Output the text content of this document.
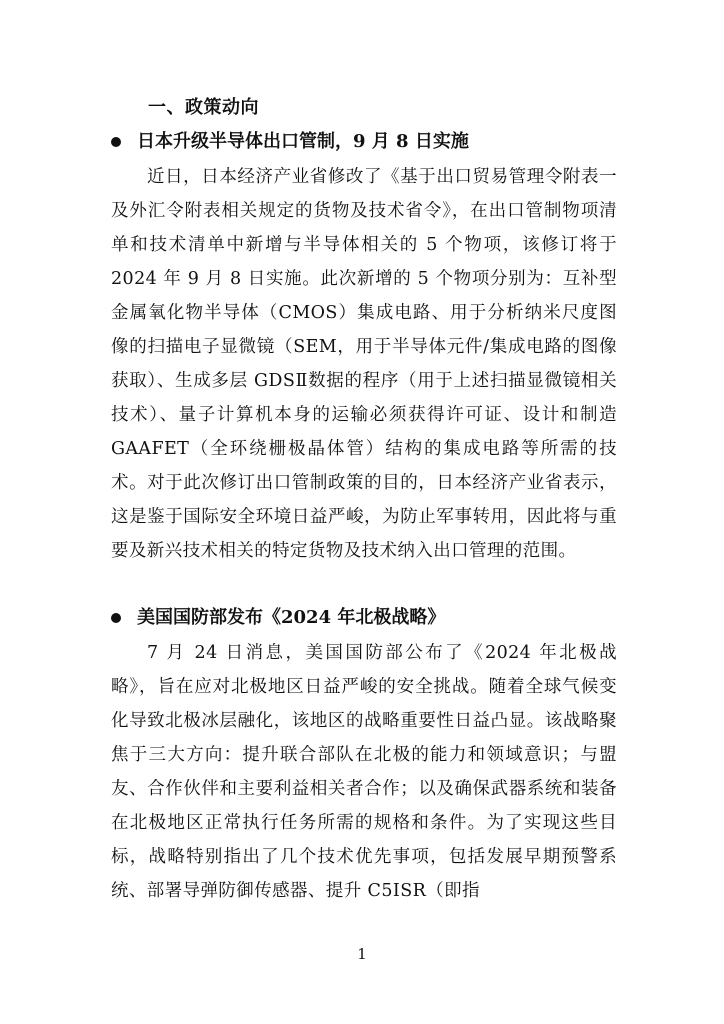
一、政策动向
日本升级半导体出口管制，9 月 8 日实施

近日，日本经济产业省修改了《基于出口贸易管理令附表一及外汇令附表相关规定的货物及技术省令》，在出口管制物项清单和技术清单中新增与半导体相关的 5 个物项，该修订将于 2024 年 9 月 8 日实施。此次新增的 5 个物项分别为：互补型金属氧化物半导体（CMOS）集成电路、用于分析纳米尺度图像的扫描电子显微镜（SEM，用于半导体元件/集成电路的图像获取）、生成多层 GDSⅡ数据的程序（用于上述扫描显微镜相关技术）、量子计算机本身的运输必须获得许可证、设计和制造 GAAFET（全环绕栅极晶体管）结构的集成电路等所需的技术。对于此次修订出口管制政策的目的，日本经济产业省表示，这是鉴于国际安全环境日益严峻，为防止军事转用，因此将与重要及新兴技术相关的特定货物及技术纳入出口管理的范围。

美国国防部发布《2024 年北极战略》

7 月 24 日消息，美国国防部公布了《2024 年北极战略》，旨在应对北极地区日益严峻的安全挑战。随着全球气候变化导致北极冰层融化，该地区的战略重要性日益凸显。该战略聚焦于三大方向：提升联合部队在北极的能力和领域意识；与盟友、合作伙伴和主要利益相关者合作；以及确保武器系统和装备在北极地区正常执行任务所需的规格和条件。为了实现这些目标，战略特别指出了几个技术优先事项，包括发展早期预警系统、部署导弹防御传感器、提升 C5ISR（即指

1
